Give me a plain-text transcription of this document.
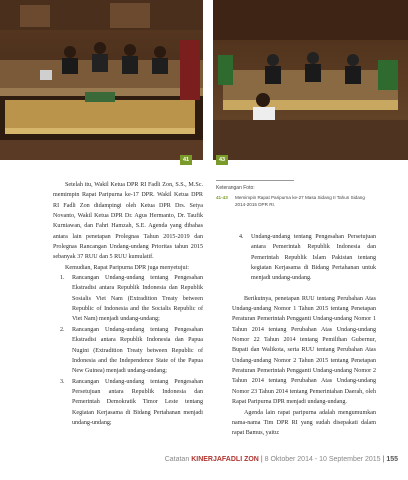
41	43
Keterangan Foto:
41-43 Memimpin Rapat Paripurna ke-27 Masa Sidang II Tahun Sidang 2014-2015 DPR RI.

Setelah itu, Wakil Ketua DPR RI Fadli Zon, S.S., M.Sc. memimpin Rapat Paripurna ke-17 DPR. Wakil Ketua DPR RI Fadli Zon didampingi oleh Ketua DPR Drs. Setya Novanto, Wakil Ketua DPR Dr. Agus Hermanto, Dr. Taufik Kurniawan, dan Fahri Hamzah, S.E. Agenda yang dibahas antara lain penetapan Prolegnas Tahun 2015-2019 dan Prolegnas Rancangan Undang-undang Prioritas tahun 2015 sebanyak 37 RUU dan 5 RUU kumulatif.

Kemudian, Rapat Paripurna DPR juga menyetujui:

1. Rancangan Undang-undang tentang Pengesahan Ekstradisi antara Republik Indonesia dan Republik Sosialis Viet Nam (Extradition Treaty between Republic of Indonesia and the Socialis Republic of Viet Nam) menjadi undang-undang;
2. Rancangan Undang-undang tentang Pengesahan Ekstradisi antara Republik Indonesia dan Papua Nugini (Extradition Treaty between Republic of Indonesia and the Independence State of the Papua New Guinea) menjadi undang-undang;
3. Rancangan Undang-undang tentang Pengesahan Persetujuan antara Republik Indonesia dan Pemerintah Demokratik Timor Leste tentang Kegiatan Kerjasama di Bidang Pertahanan menjadi undang-undang;
4. Undang-undang tentang Pengesahan Persetujuan antara Pemerintah Republik Indonesia dan Pemerintah Republik Islam Pakistan tentang kegiatan Kerjasama di Bidang Pertahanan untuk menjadi undang-undang.

Berikutnya, penetapan RUU tentang Perubahan Atas Undang-undang Nomor 1 Tahun 2015 tentang Penetapan Peraturan Pemerintah Pengganti Undang-undang Nomor 1 Tahun 2014 tentang Perubahan Atas Undang-undang Nomor 22 Tahun 2014 tentang Pemilihan Gubernur, Bupati dan Walikota, serta RUU tentang Perubahan Atas Undang-undang Nomor 2 Tahun 2015 tentang Penetapan Peraturan Pemerintah Pengganti Undang-undang Nomor 2 Tahun 2014 tentang Perubahan Atas Undang-undang Nomor 23 Tahun 2014 tentang Pemerintahan Daerah, oleh Rapat Paripurna DPR menjadi undang-undang.

Agenda lain rapat paripurna adalah mengumumkan nama-nama Tim DPR RI yang sudah disepakati dalam rapat Bamus, yaitu:

Catatan KINERJAFADLI ZON | 8 Oktober 2014 - 10 September 2015 | 155
